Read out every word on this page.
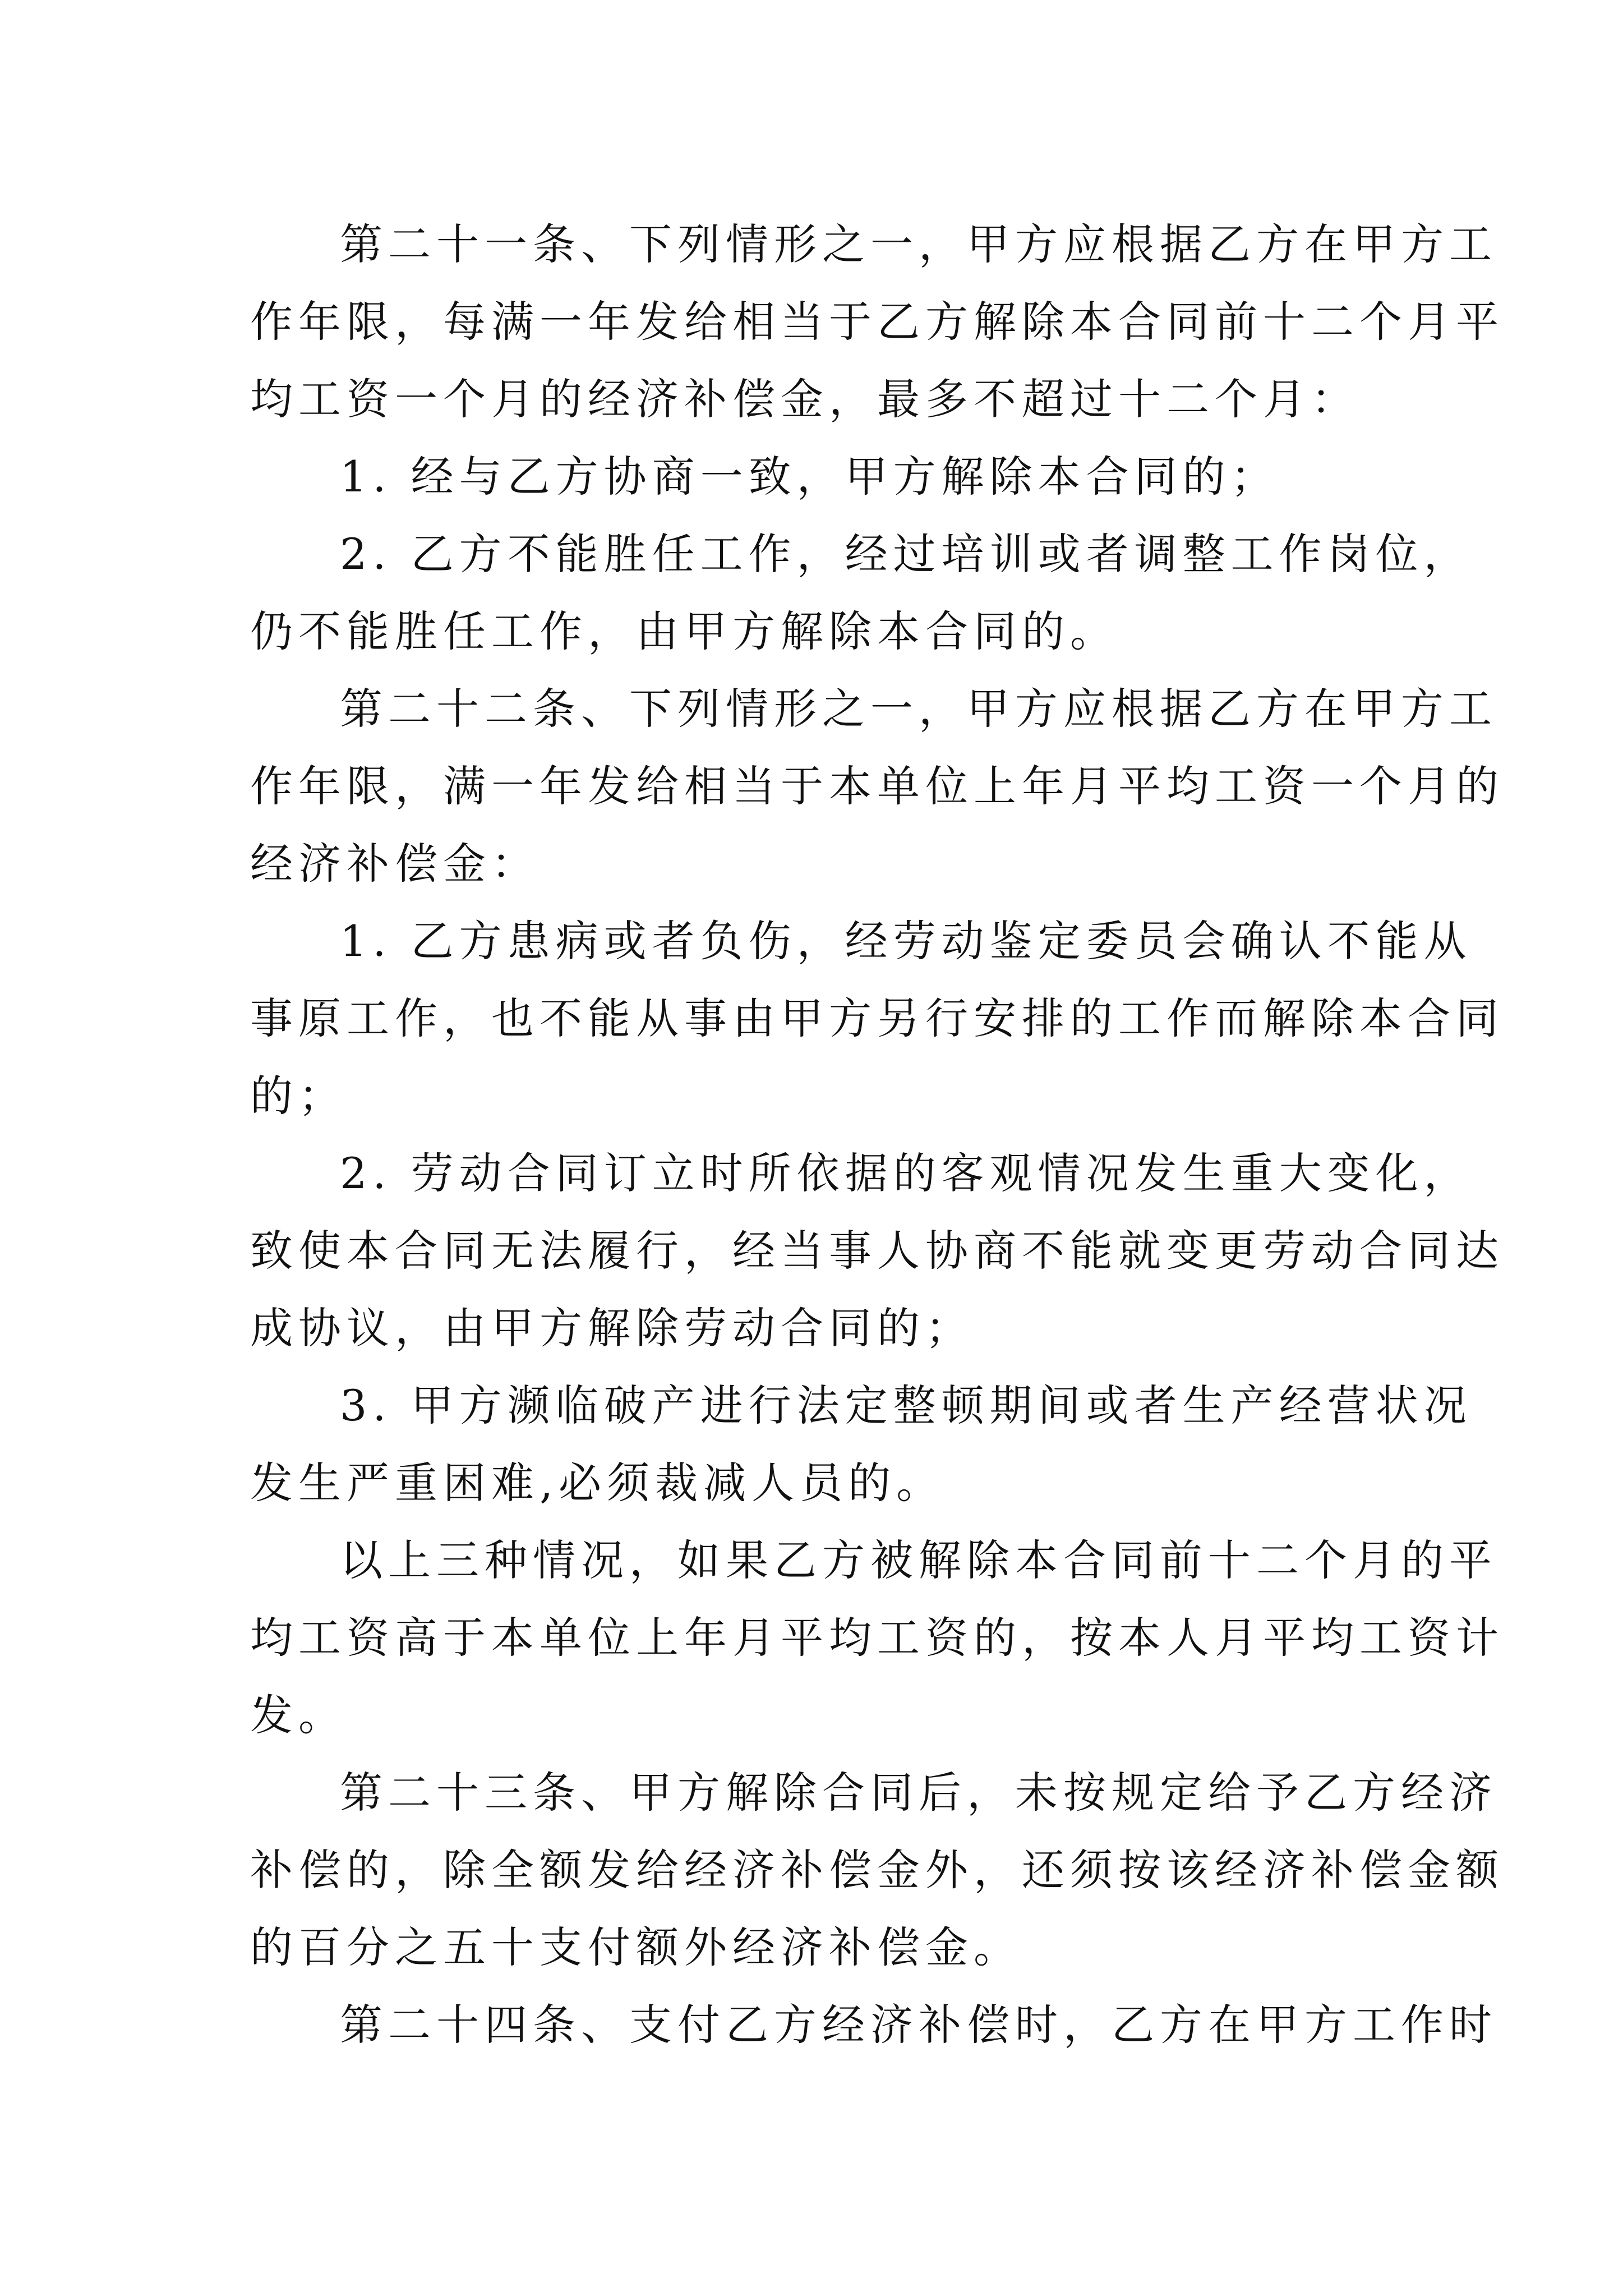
第二十一条、下列情形之一，甲方应根据乙方在甲方工
作年限，每满一年发给相当于乙方解除本合同前十二个月平
均工资一个月的经济补偿金，最多不超过十二个月：
1. 经与乙方协商一致，甲方解除本合同的；
2. 乙方不能胜任工作，经过培训或者调整工作岗位，
仍不能胜任工作，由甲方解除本合同的。
第二十二条、下列情形之一，甲方应根据乙方在甲方工
作年限，满一年发给相当于本单位上年月平均工资一个月的
经济补偿金：
1. 乙方患病或者负伤，经劳动鉴定委员会确认不能从
事原工作，也不能从事由甲方另行安排的工作而解除本合同
的；
2. 劳动合同订立时所依据的客观情况发生重大变化，
致使本合同无法履行，经当事人协商不能就变更劳动合同达
成协议，由甲方解除劳动合同的；
3. 甲方濒临破产进行法定整顿期间或者生产经营状况
发生严重困难,必须裁减人员的。
以上三种情况，如果乙方被解除本合同前十二个月的平
均工资高于本单位上年月平均工资的，按本人月平均工资计
发。
第二十三条、甲方解除合同后，未按规定给予乙方经济
补偿的，除全额发给经济补偿金外，还须按该经济补偿金额
的百分之五十支付额外经济补偿金。
第二十四条、支付乙方经济补偿时，乙方在甲方工作时
